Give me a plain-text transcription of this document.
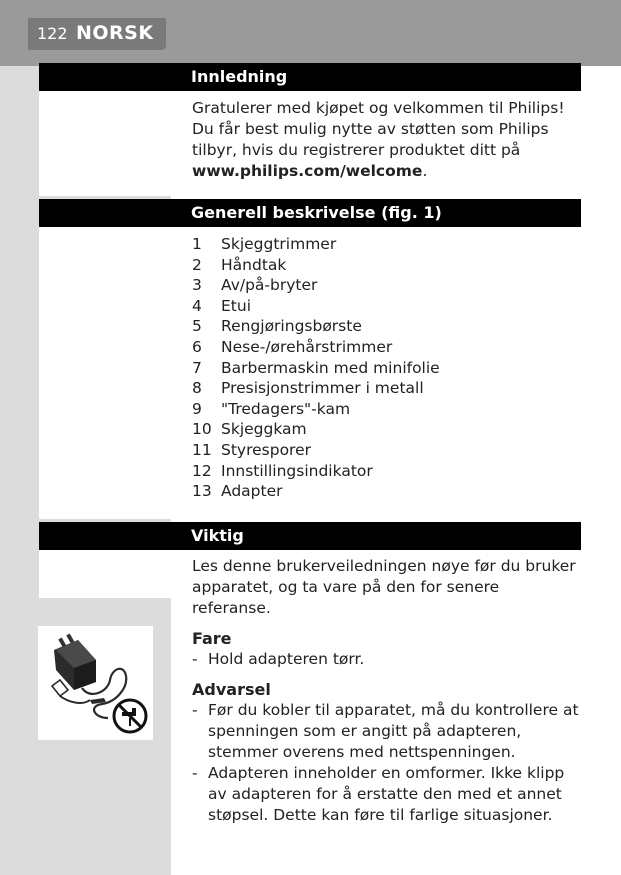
122 NORSK
Innledning
Gratulerer med kjøpet og velkommen til Philips! Du får best mulig nytte av støtten som Philips tilbyr, hvis du registrerer produktet ditt på www.philips.com/welcome.
Generell beskrivelse (fig. 1)
1 Skjeggtrimmer
2 Håndtak
3 Av/på-bryter
4 Etui
5 Rengjøringsbørste
6 Nese-/ørehårstrimmer
7 Barbermaskin med minifolie
8 Presisjonstrimmer i metall
9 "Tredagers"-kam
10 Skjeggkam
11 Styresporer
12 Innstillingsindikator
13 Adapter
Viktig
Les denne brukerveiledningen nøye før du bruker apparatet, og ta vare på den for senere referanse.
Fare
- Hold adapteren tørr.
Advarsel
- Før du kobler til apparatet, må du kontrollere at spenningen som er angitt på adapteren, stemmer overens med nettspenningen.
- Adapteren inneholder en omformer. Ikke klipp av adapteren for å erstatte den med et annet støpsel. Dette kan føre til farlige situasjoner.
